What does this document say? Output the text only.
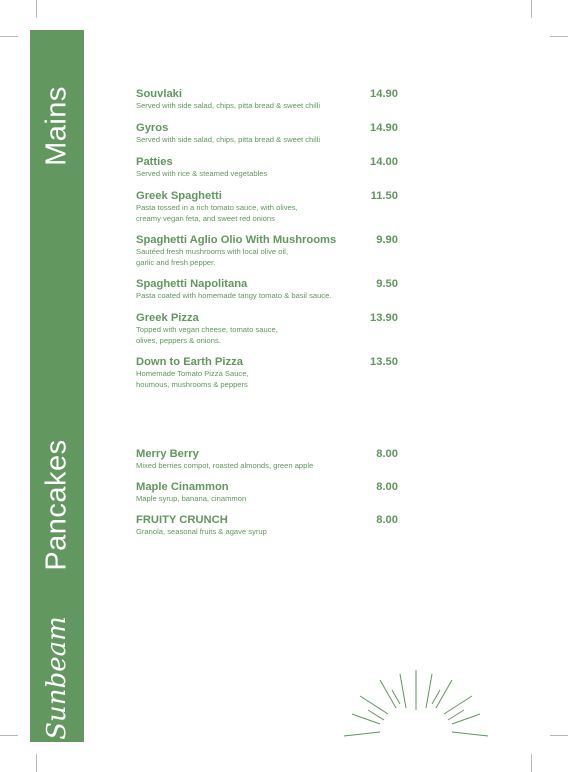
Mains
Pancakes
Sunbeam
Souvlaki
Served with side salad, chips, pitta bread & sweet chilli
14.90
Gyros
Served with side salad, chips, pitta bread & sweet chilli
14.90
Patties
Served with rice & steamed vegetables
14.00
Greek Spaghetti
Pasta tossed in a rich tomato sauce, with olives,
creamy vegan feta, and sweet red onions
11.50
Spaghetti Aglio Olio With Mushrooms
Sautéed fresh mushrooms with local olive oil,
garlic and fresh pepper.
9.90
Spaghetti Napolitana
Pasta coated with homemade tangy tomato & basil sauce.
9.50
Greek Pizza
Topped with vegan cheese, tomato sauce,
olives, peppers & onions.
13.90
Down to Earth Pizza
Homemade Tomato Pizza Sauce,
houmous, mushrooms & peppers
13.50
Merry Berry
Mixed berries compot, roasted almonds, green apple
8.00
Maple Cinammon
Maple syrup, banana, cinammon
8.00
FRUITY CRUNCH
Granola, seasonal fruits & agave syrup
8.00
